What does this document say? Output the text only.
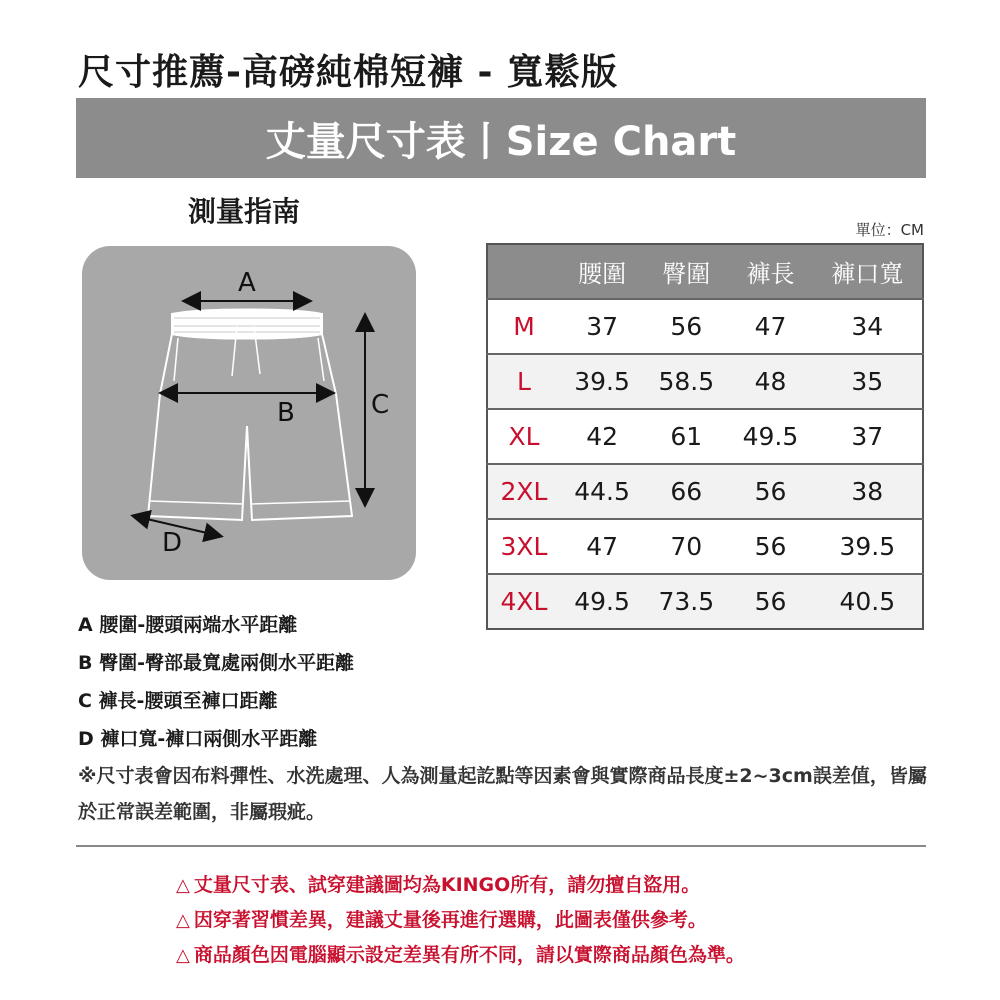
尺寸推薦-高磅純棉短褲 - 寬鬆版
丈量尺寸表丨Size Chart
測量指南
單位：CM
A
B	C
D
	腰圍	臀圍	褲長	褲口寬
M	37	56	47	34
L	39.5	58.5	48	35
XL	42	61	49.5	37
2XL	44.5	66	56	38
3XL	47	70	56	39.5
4XL	49.5	73.5	56	40.5
A 腰圍-腰頭兩端水平距離
B 臀圍-臀部最寬處兩側水平距離
C 褲長-腰頭至褲口距離
D 褲口寬-褲口兩側水平距離
※尺寸表會因布料彈性、水洗處理、人為測量起訖點等因素會與實際商品長度±2~3cm誤差值，皆屬於正常誤差範圍，非屬瑕疵。
△ 丈量尺寸表、試穿建議圖均為KINGO所有，請勿擅自盜用。
△ 因穿著習慣差異，建議丈量後再進行選購，此圖表僅供參考。
△ 商品顏色因電腦顯示設定差異有所不同，請以實際商品顏色為準。
